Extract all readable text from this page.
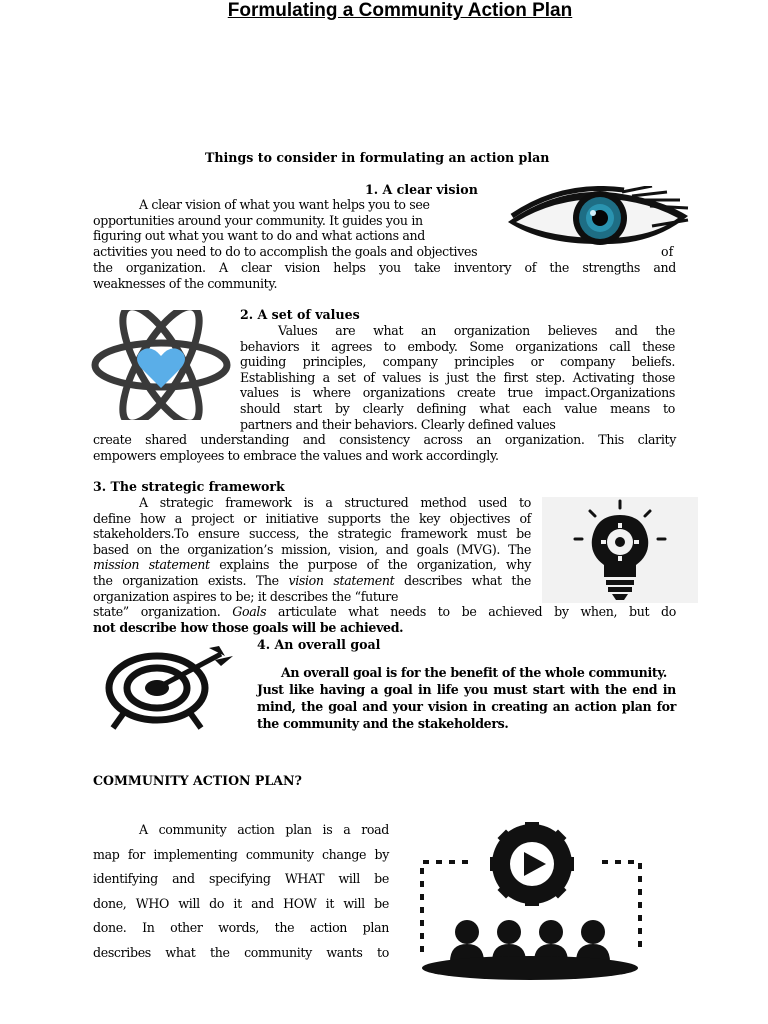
Formulating a Community Action Plan
Things to consider in formulating an action plan
1. A clear vision
A clear vision of what you want helps you to see
opportunities around your community. It guides you in
figuring out what you want to do and what actions and
activities you need to do to accomplish the goals and objectives	of
the organization. A clear vision helps you take inventory of the strengths and
weaknesses of the community.
2. A set of values
Values are what an organization believes and the
behaviors it agrees to embody. Some organizations call these
guiding principles, company principles or company beliefs.
Establishing a set of values is just the first step. Activating those
values is where organizations create true impact.Organizations
should start by clearly defining what each value means to
partners and their behaviors. Clearly defined values
create shared understanding and consistency across an organization. This clarity
empowers employees to embrace the values and work accordingly.
3. The strategic framework
A strategic framework is a structured method used to
define how a project or initiative supports the key objectives of
stakeholders.To ensure success, the strategic framework must be
based on the organization’s mission, vision, and goals (MVG). The
mission statement explains the purpose of the organization, why
the organization exists. The vision statement describes what the
organization aspires to be; it describes the “future
state” organization. Goals articulate what needs to be achieved by when, but do
not describe how those goals will be achieved.
4. An overall goal
An overall goal is for the benefit of the whole community.
Just like having a goal in life you must start with the end in
mind, the goal and your vision in creating an action plan for
the community and the stakeholders.
COMMUNITY ACTION PLAN?
A community action plan is a road
map for implementing community change by
identifying and specifying WHAT will be
done, WHO will do it and HOW it will be
done. In other words, the action plan
describes what the community wants to
